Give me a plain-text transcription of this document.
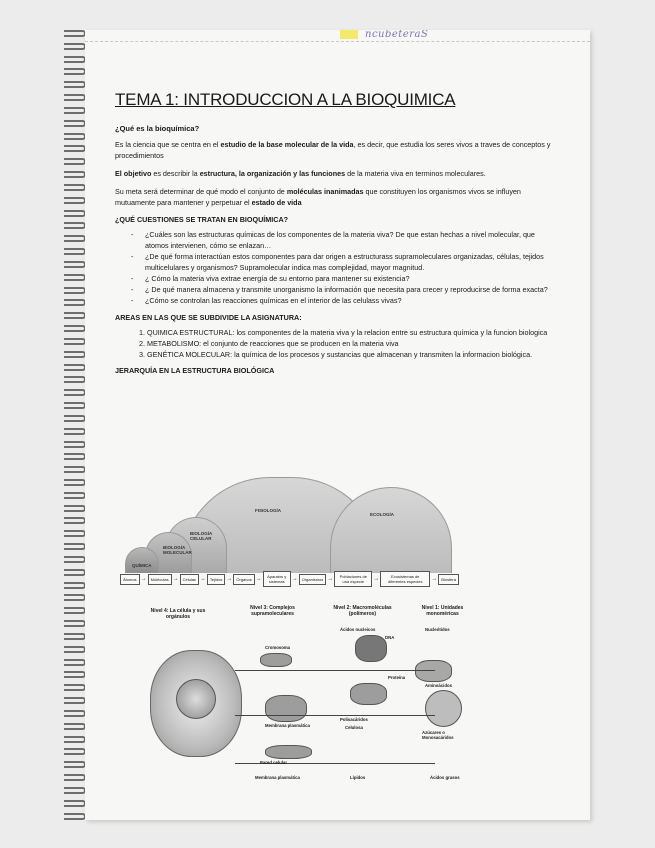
ncubeteraS
TEMA 1: INTRODUCCION A LA BIOQUIMICA
¿Qué es la bioquímica?

Es la ciencia que se centra en el estudio de la base molecular de la vida, es decir, que estudia los seres vivos a traves de conceptos y procedimientos

El objetivo es describir la estructura, la organización y las funciones de la materia viva en terminos moleculares.

Su meta será determinar de qué modo el conjunto de moléculas inanimadas que constituyen los organismos vivos se influyen mutuamente para mantener y perpetuar el estado de vida

¿QUÉ CUESTIONES SE TRATAN EN BIOQUÍMICA?
- ¿Cuáles son las estructuras químicas de los componentes de la materia viva? De que estan hechas a nivel molecular, que atomos intervienen, cómo se enlazan…
- ¿De qué forma interactúan estos componentes para dar origen a estructurass supramoleculares organizadas, células, tejidos multicelulares y organismos? Supramolecular indica mas complejidad, mayor magnitud.
- ¿ Cómo la materia viva extrae energía de su entorno para mantener su existencia?
- ¿ De qué manera almacena y transmite unorganismo la información que necesita para crecer y reproducirse de forma exacta?
- ¿Cómo se controlan las reacciones químicas en el interior de las celulass vivas?
AREAS EN LAS QUE SE SUBDIVIDE LA ASIGNATURA:
1. QUIMICA ESTRUCTURAL: los componentes de la materia viva y la relacion entre su estructura química y la funcion biologica
2. METABOLISMO: el conjunto de reacciones que se producen en la materia viva
3. GENÉTICA MOLECULAR: la química de los procesos y sustancias que almacenan y transmiten la informacion biológica.
JERARQUÍA EN LA ESTRUCTURA BIOLÓGICA
FISIOLOGÍA
ECOLOGÍA
BIOLOGÍA CELULAR
BIOLOGÍA MOLECULAR
QUÍMICA
Átomos →	Moléculas →	Células →	Tejidos →	Órganos →	Aparatos y sistemas	→	Organismos →	Poblaciones de una especie	→	Ecosistemas de diferentes especies	→	Biosfera
Nivel 4: La célula y sus orgánulos
Nivel 3: Complejos supramoleculares
Nivel 2: Macromoléculas (polímeros)
Nivel 1: Unidades monoméricas
Ácidos nucleicos
DNA
Nucleótidos
Cromosoma
Proteína
Aminoácidos
Membrana plasmática
Polisacáridos
Celulosa
Azúcares o Monosacáridos
Pared celular
Membrana plasmática	Lípidos	Ácidos grasos
